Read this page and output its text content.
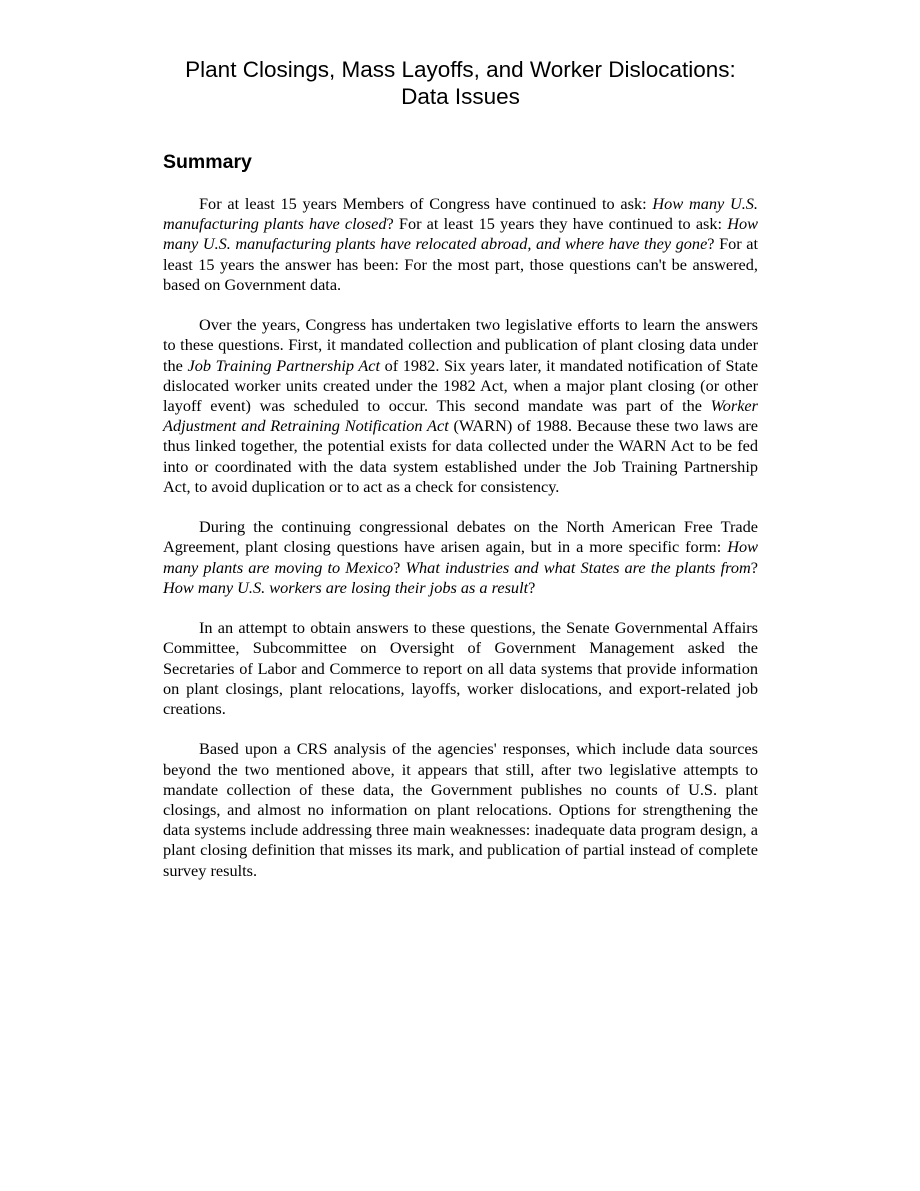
Plant Closings, Mass Layoffs, and Worker Dislocations:
Data Issues
Summary

For at least 15 years Members of Congress have continued to ask: How many U.S. manufacturing plants have closed? For at least 15 years they have continued to ask: How many U.S. manufacturing plants have relocated abroad, and where have they gone? For at least 15 years the answer has been: For the most part, those questions can't be answered, based on Government data.

Over the years, Congress has undertaken two legislative efforts to learn the answers to these questions. First, it mandated collection and publication of plant closing data under the Job Training Partnership Act of 1982. Six years later, it mandated notification of State dislocated worker units created under the 1982 Act, when a major plant closing (or other layoff event) was scheduled to occur. This second mandate was part of the Worker Adjustment and Retraining Notification Act (WARN) of 1988. Because these two laws are thus linked together, the potential exists for data collected under the WARN Act to be fed into or coordinated with the data system established under the Job Training Partnership Act, to avoid duplication or to act as a check for consistency.

During the continuing congressional debates on the North American Free Trade Agreement, plant closing questions have arisen again, but in a more specific form: How many plants are moving to Mexico? What industries and what States are the plants from? How many U.S. workers are losing their jobs as a result?

In an attempt to obtain answers to these questions, the Senate Governmental Affairs Committee, Subcommittee on Oversight of Government Management asked the Secretaries of Labor and Commerce to report on all data systems that provide information on plant closings, plant relocations, layoffs, worker dislocations, and export-related job creations.

Based upon a CRS analysis of the agencies' responses, which include data sources beyond the two mentioned above, it appears that still, after two legislative attempts to mandate collection of these data, the Government publishes no counts of U.S. plant closings, and almost no information on plant relocations. Options for strengthening the data systems include addressing three main weaknesses: inadequate data program design, a plant closing definition that misses its mark, and publication of partial instead of complete survey results.
